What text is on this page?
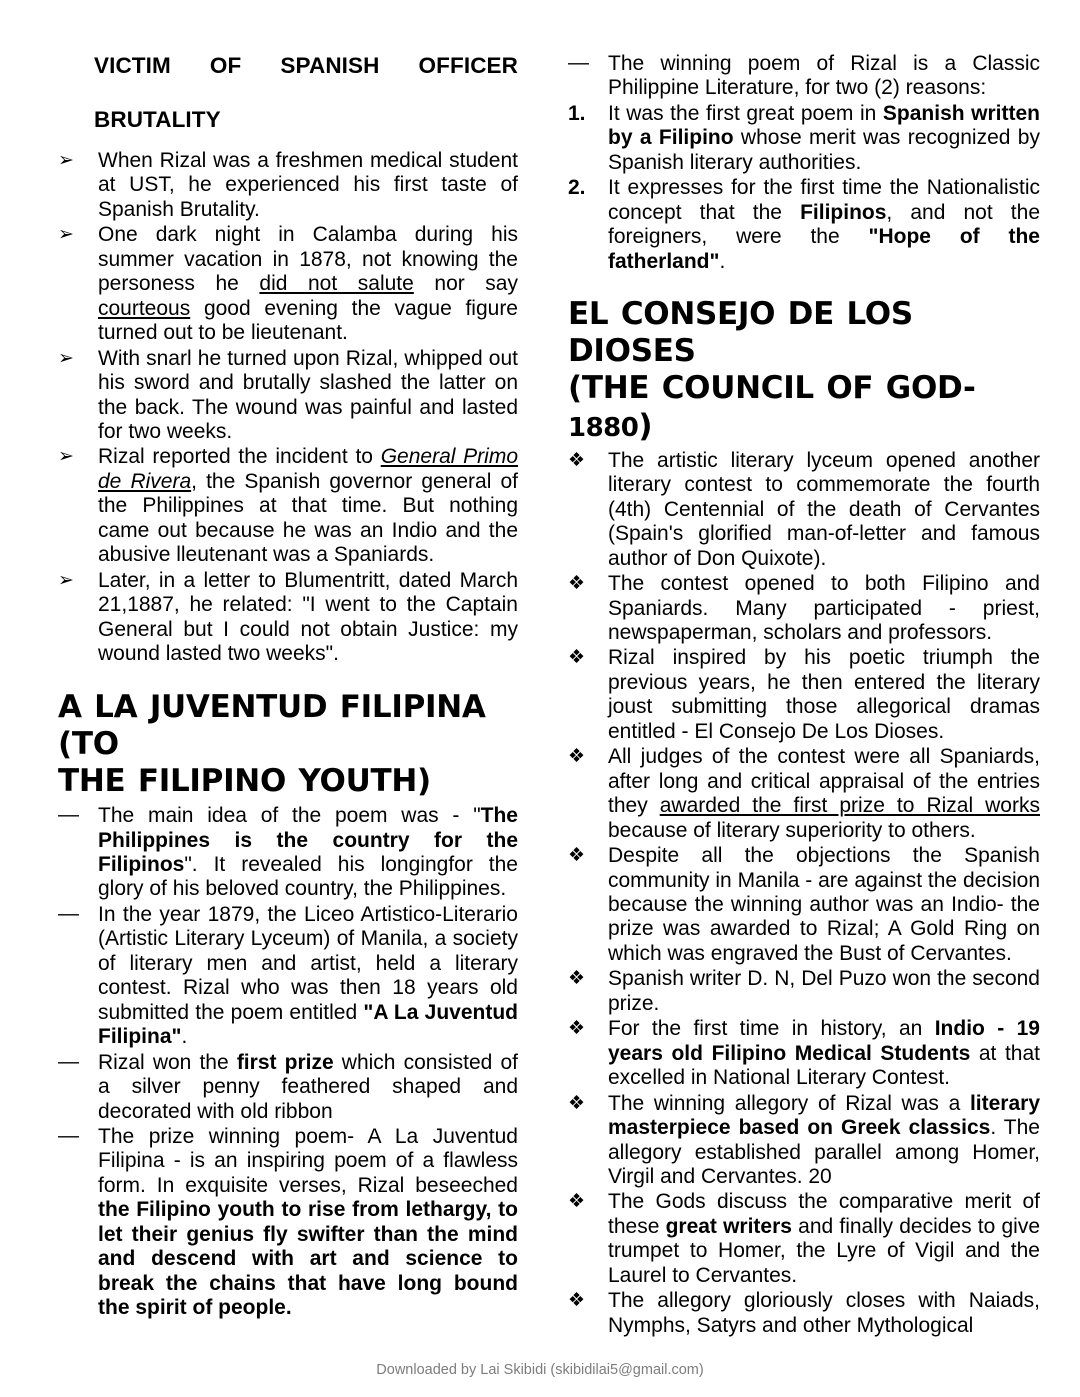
VICTIM OF SPANISH OFFICER
BRUTALITY
➢	When Rizal was a freshmen medical student at UST, he experienced his first taste of Spanish Brutality.
➢	One dark night in Calamba during his summer vacation in 1878, not knowing the personess he did not salute nor say courteous good evening the vague figure turned out to be lieutenant.
➢	With snarl he turned upon Rizal, whipped out his sword and brutally slashed the latter on the back. The wound was painful and lasted for two weeks.
➢	Rizal reported the incident to General Primo de Rivera, the Spanish governor general of the Philippines at that time. But nothing came out because he was an Indio and the abusive lleutenant was a Spaniards.
➢	Later, in a letter to Blumentritt, dated March 21,1887, he related: "I went to the Captain General but I could not obtain Justice: my wound lasted two weeks".
A LA JUVENTUD FILIPINA (TO
THE FILIPINO YOUTH)
— The main idea of the poem was - "The Philippines is the country for the Filipinos". It revealed his longingfor the glory of his beloved country, the Philippines.
— In the year 1879, the Liceo Artistico-Literario (Artistic Literary Lyceum) of Manila, a society of literary men and artist, held a literary contest. Rizal who was then 18 years old submitted the poem entitled "A La Juventud Filipina".
— Rizal won the first prize which consisted of a silver penny feathered shaped and decorated with old ribbon
— The prize winning poem- A La Juventud Filipina - is an inspiring poem of a flawless form. In exquisite verses, Rizal beseeched the Filipino youth to rise from lethargy, to let their genius fly swifter than the mind and descend with art and science to break the chains that have long bound the spirit of people.
— The winning poem of Rizal is a Classic Philippine Literature, for two (2) reasons:
1.	It was the first great poem in Spanish written by a Filipino whose merit was recognized by Spanish literary authorities.
2.	It expresses for the first time the Nationalistic concept that the Filipinos, and not the foreigners, were the "Hope of the fatherland".
EL CONSEJO DE LOS DIOSES
(THE COUNCIL OF GOD-1880)
❖	The artistic literary lyceum opened another literary contest to commemorate the fourth (4th) Centennial of the death of Cervantes (Spain's glorified man-of-letter and famous author of Don Quixote).
❖	The contest opened to both Filipino and Spaniards. Many participated - priest, newspaperman, scholars and professors.
❖	Rizal inspired by his poetic triumph the previous years, he then entered the literary joust submitting those allegorical dramas entitled - El Consejo De Los Dioses.
❖	All judges of the contest were all Spaniards, after long and critical appraisal of the entries they awarded the first prize to Rizal works because of literary superiority to others.
❖	Despite all the objections the Spanish community in Manila - are against the decision because the winning author was an Indio- the prize was awarded to Rizal; A Gold Ring on which was engraved the Bust of Cervantes.
❖	Spanish writer D. N, Del Puzo won the second prize.
❖	For the first time in history, an Indio - 19 years old Filipino Medical Students at that excelled in National Literary Contest.
❖	The winning allegory of Rizal was a literary masterpiece based on Greek classics. The allegory established parallel among Homer, Virgil and Cervantes. 20
❖	The Gods discuss the comparative merit of these great writers and finally decides to give trumpet to Homer, the Lyre of Vigil and the Laurel to Cervantes.
❖	The allegory gloriously closes with Naiads, Nymphs, Satyrs and other Mythological
Downloaded by Lai Skibidi (skibidilai5@gmail.com)
